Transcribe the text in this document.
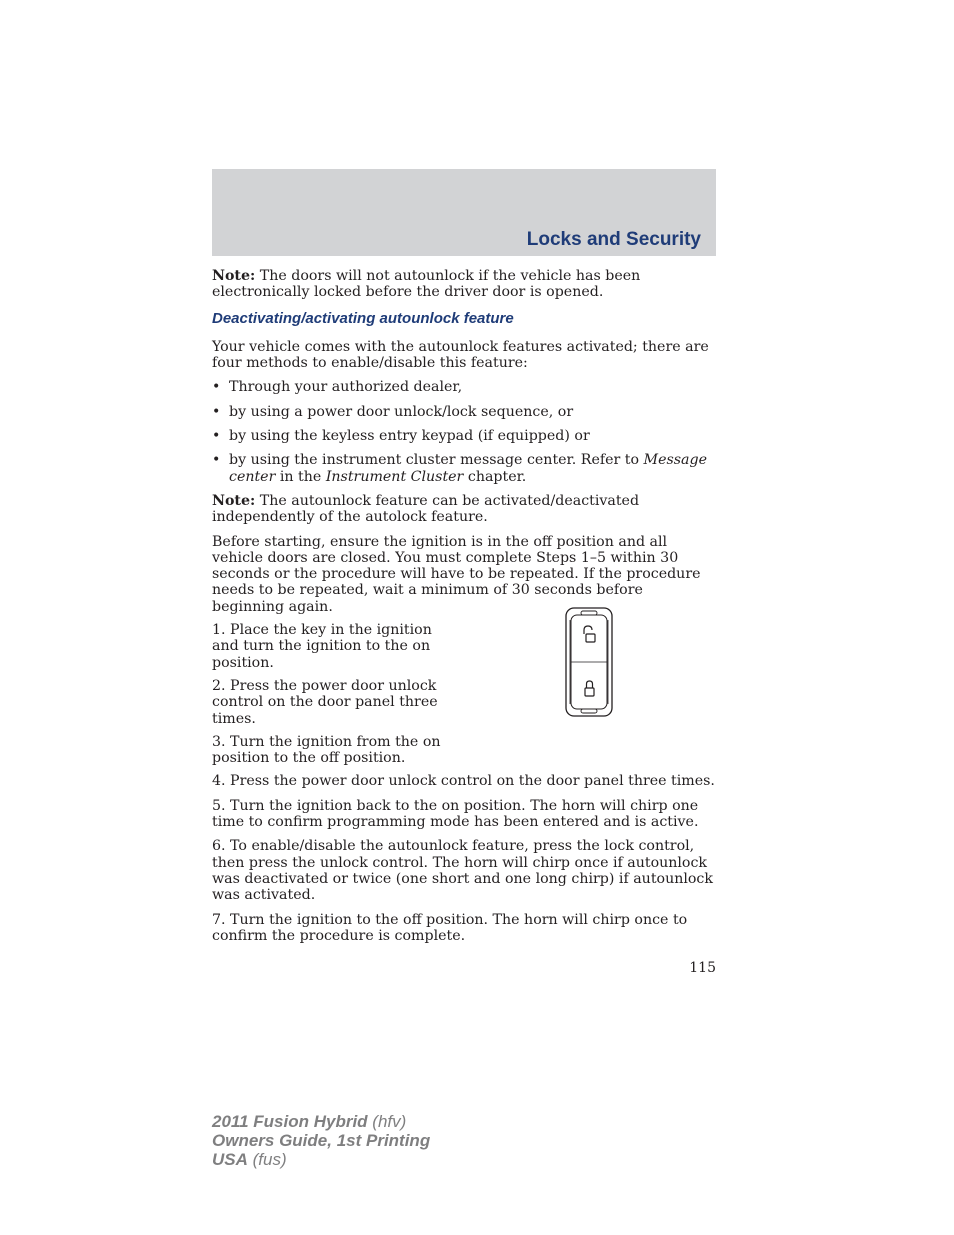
Locks and Security

Note: The doors will not autounlock if the vehicle has been electronically locked before the driver door is opened.

Deactivating/activating autounlock feature

Your vehicle comes with the autounlock features activated; there are four methods to enable/disable this feature:

• Through your authorized dealer,
• by using a power door unlock/lock sequence, or
• by using the keyless entry keypad (if equipped) or
• by using the instrument cluster message center. Refer to Message center in the Instrument Cluster chapter.

Note: The autounlock feature can be activated/deactivated independently of the autolock feature.

Before starting, ensure the ignition is in the off position and all vehicle doors are closed. You must complete Steps 1–5 within 30 seconds or the procedure will have to be repeated. If the procedure needs to be repeated, wait a minimum of 30 seconds before beginning again.

1. Place the key in the ignition and turn the ignition to the on position.

2. Press the power door unlock control on the door panel three times.

3. Turn the ignition from the on position to the off position.

4. Press the power door unlock control on the door panel three times.

5. Turn the ignition back to the on position. The horn will chirp one time to confirm programming mode has been entered and is active.

6. To enable/disable the autounlock feature, press the lock control, then press the unlock control. The horn will chirp once if autounlock was deactivated or twice (one short and one long chirp) if autounlock was activated.

7. Turn the ignition to the off position. The horn will chirp once to confirm the procedure is complete.

115
2011 Fusion Hybrid (hfv)
Owners Guide, 1st Printing
USA (fus)
